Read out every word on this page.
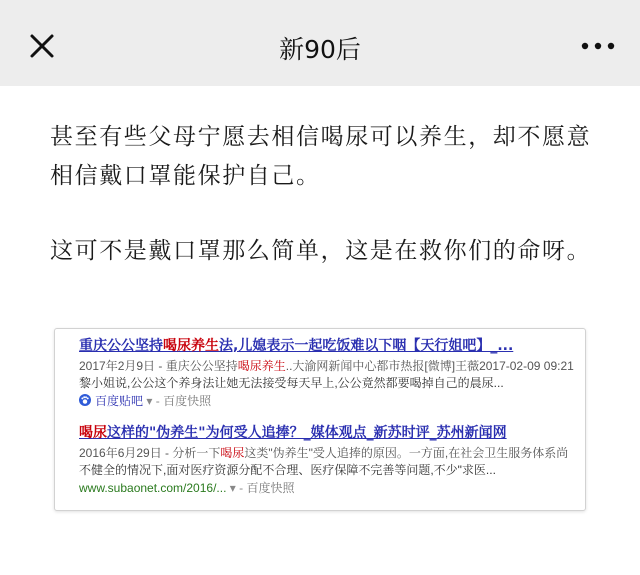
新90后

甚至有些父母宁愿去相信喝尿可以养生，却不愿意相信戴口罩能保护自己。

这可不是戴口罩那么简单，这是在救你们的命呀。

重庆公公坚持喝尿养生法,儿媳表示一起吃饭难以下咽【天行姐吧】_...
2017年2月9日 - 重庆公公坚持喝尿养生..大渝网新闻中心都市热报[微博]王薇2017-02-09 09:21
黎小姐说,公公这个养身法让她无法接受每天早上,公公竟然都要喝掉自己的晨尿...
百度贴吧 ▾ - 百度快照
喝尿这样的"伪养生"为何受人追捧？_媒体观点_新苏时评_苏州新闻网
2016年6月29日 - 分析一下喝尿这类"伪养生"受人追捧的原因。一方面,在社会卫生服务体系尚
不健全的情况下,面对医疗资源分配不合理、医疗保障不完善等问题,不少"求医...
www.subaonet.com/2016/... ▾ - 百度快照
